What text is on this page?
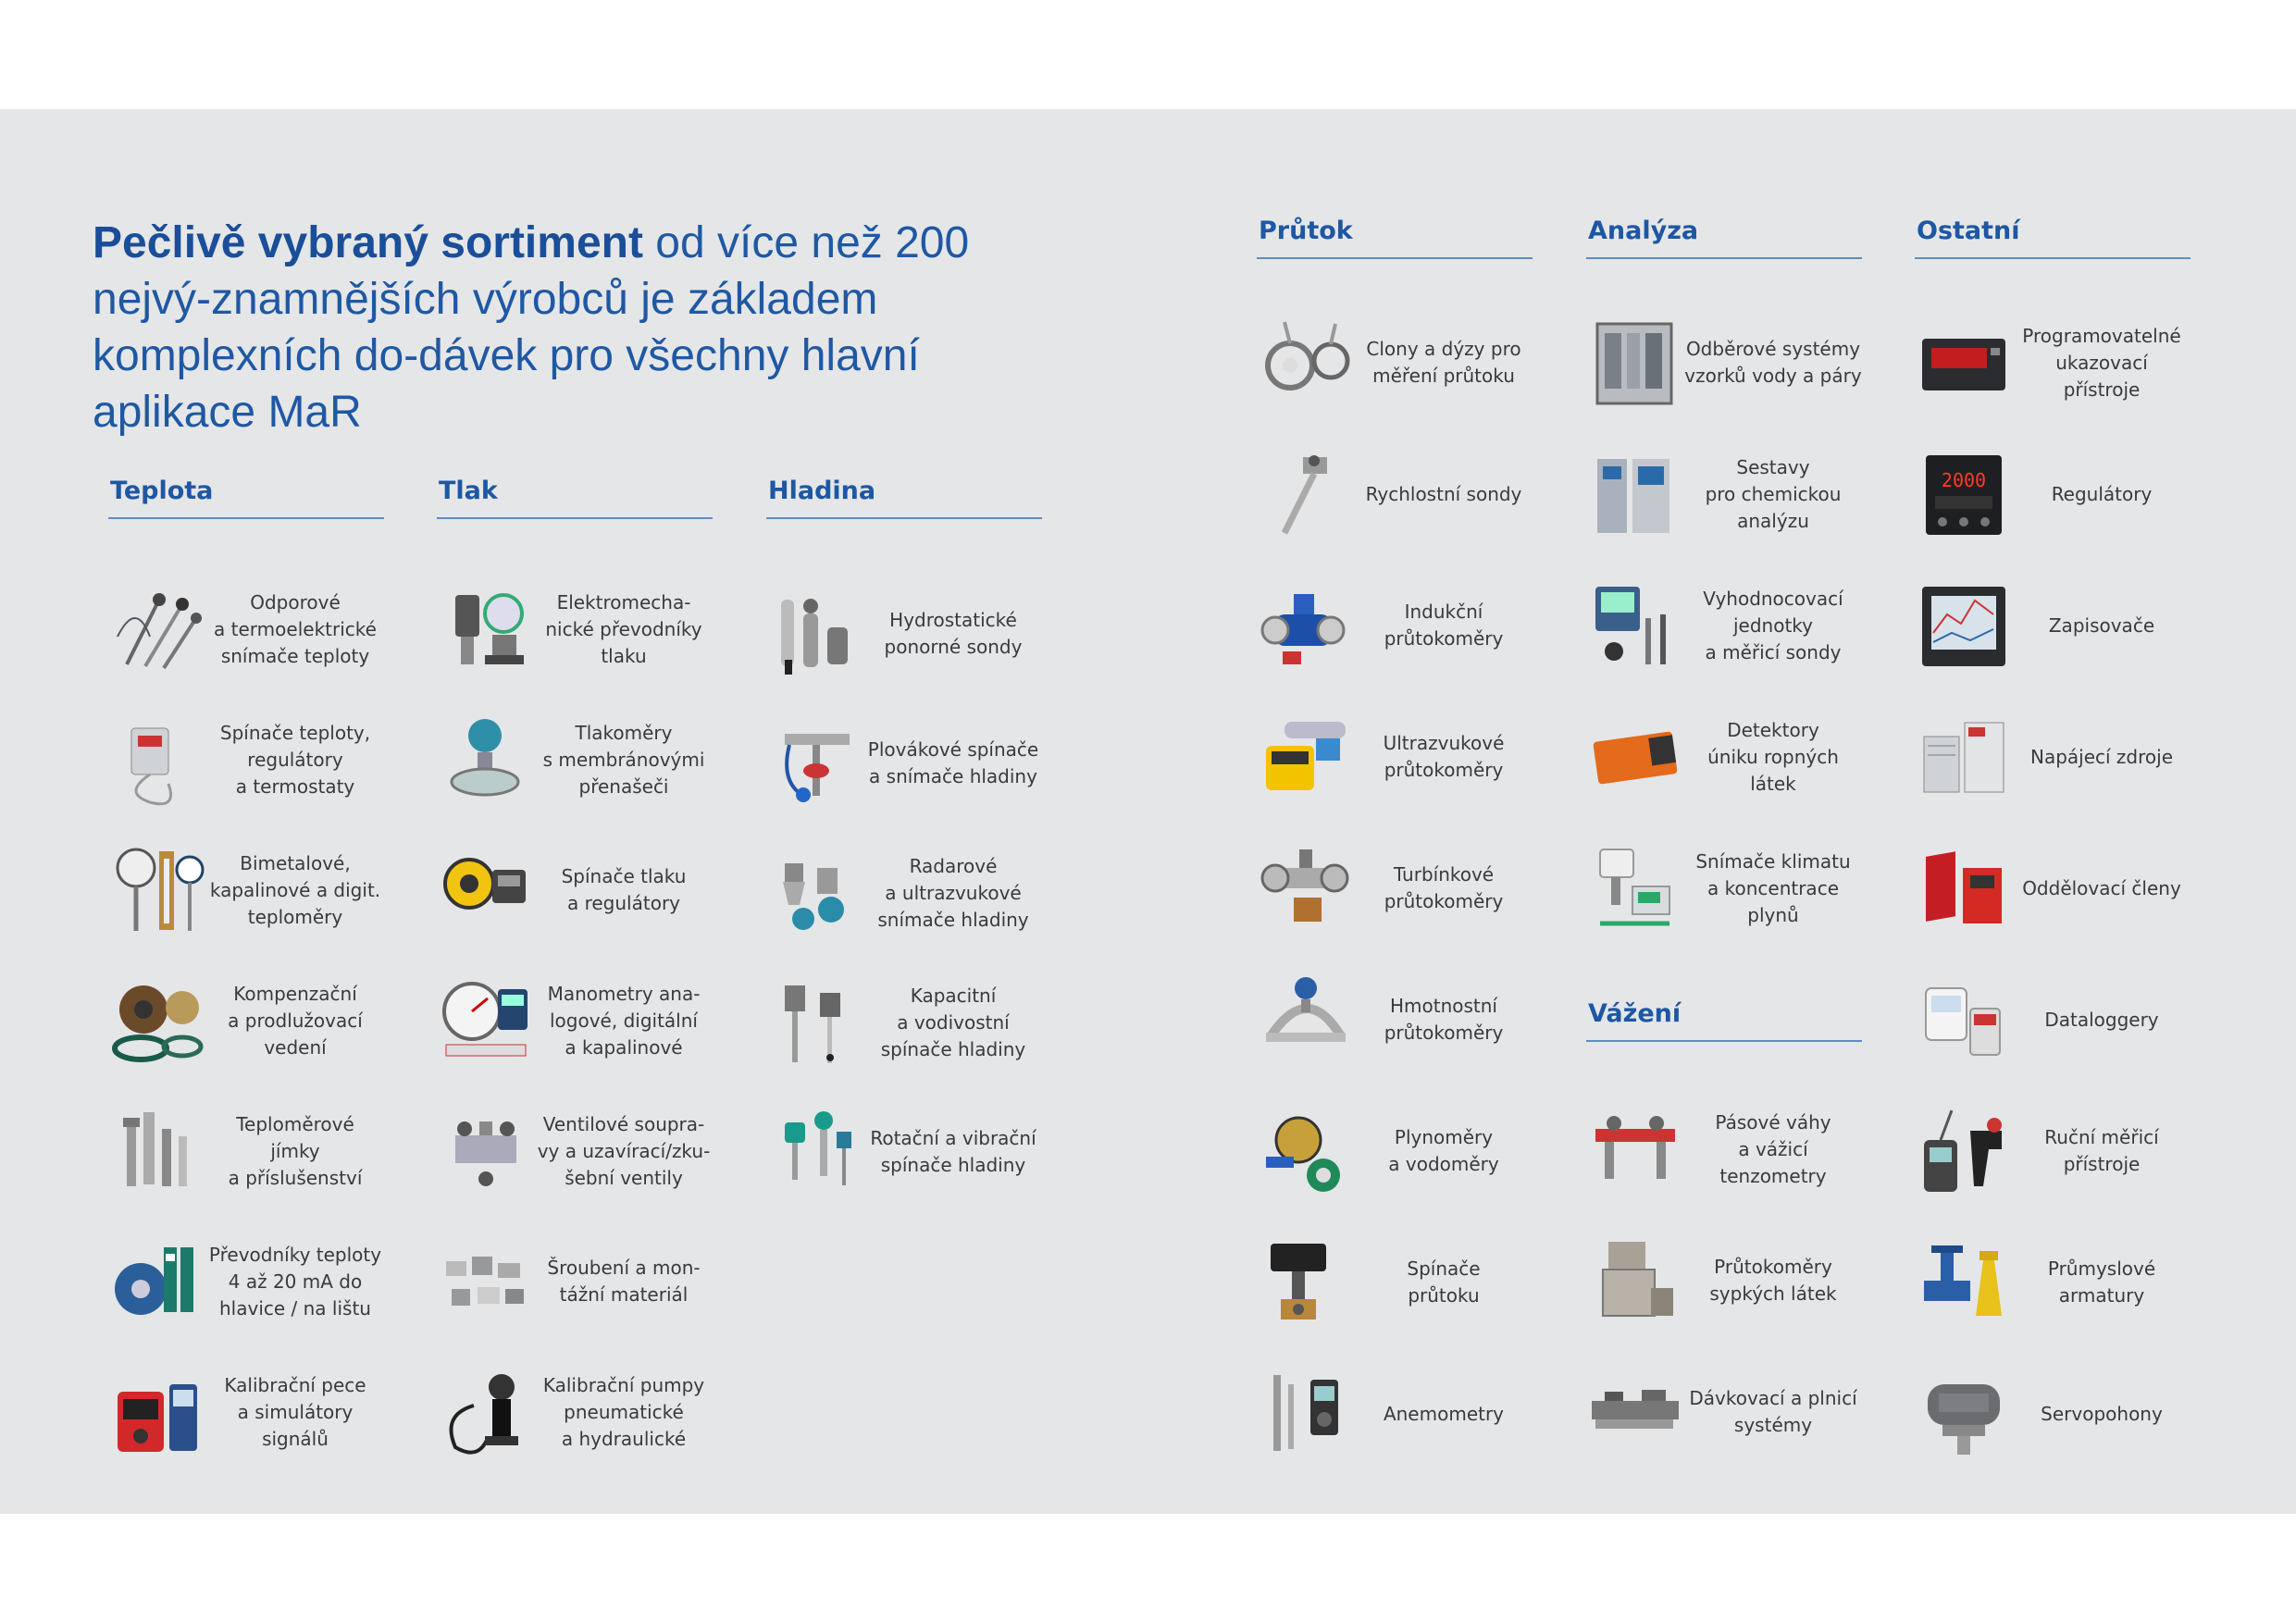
Pečlivě vybraný sortiment od více než 200 nejvý-znamnějších výrobců je základem komplexních do-dávek pro všechny hlavní aplikace MaR
Teplota
Odporové
a termoelektrické
snímače teploty
Spínače teploty,
regulátory
a termostaty
Bimetalové,
kapalinové a digit.
teploměry
Kompenzační
a prodlužovací
vedení
Teploměrové
jímky
a příslušenství
Převodníky teploty
4 až 20 mA do
hlavice / na lištu
Kalibrační pece
a simulátory
signálů
Tlak
Elektromecha-
nické převodníky
tlaku
Tlakoměry
s membránovými
přenašeči
Spínače tlaku
a regulátory
Manometry ana-
logové, digitální
a kapalinové
Ventilové soupra-
vy a uzavírací/zku-
šební ventily
Šroubení a mon-
tážní materiál
Kalibrační pumpy
pneumatické
a hydraulické
Hladina
Hydrostatické
ponorné sondy
Plovákové spínače
a snímače hladiny
Radarové
a ultrazvukové
snímače hladiny
Kapacitní
a vodivostní
spínače hladiny
Rotační a vibrační
spínače hladiny
Průtok
Clony a dýzy pro
měření průtoku
Rychlostní sondy
Indukční
průtokoměry
Ultrazvukové
průtokoměry
Turbínkové
průtokoměry
Hmotnostní
průtokoměry
Plynoměry
a vodoměry
Spínače
průtoku
Anemometry
Analýza
Odběrové systémy
vzorků vody a páry
Sestavy
pro chemickou
analýzu
Vyhodnocovací
jednotky
a měřicí sondy
Detektory
úniku ropných
látek
Snímače klimatu
a koncentrace
plynů
Vážení
Pásové váhy
a vážicí
tenzometry
Průtokoměry
sypkých látek
Dávkovací a plnicí
systémy
Ostatní
Programovatelné
ukazovací
přístroje
2000
Regulátory
Zapisovače
Napájecí zdroje
Oddělovací členy
Dataloggery
Ruční měřicí
přístroje
Průmyslové
armatury
Servopohony
